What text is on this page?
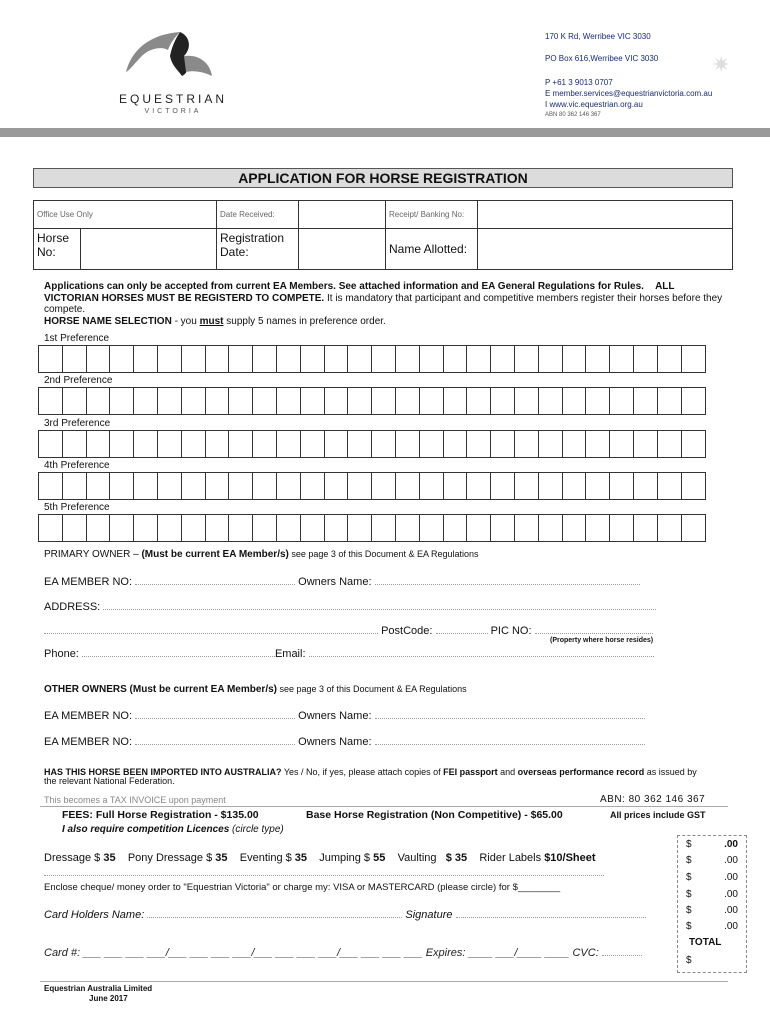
EQUESTRIAN
VICTORIA
170 K Rd, Werribee VIC 3030
PO Box 616,Werribee VIC 3030
P +61 3 9013 0707
E member.services@equestrianvictoria.com.au
I www.vic.equestrian.org.au
ABN 80 362 146 367
✷
APPLICATION FOR HORSE REGISTRATION
Office Use Only	Date Received:		Receipt/ Banking No:	

Horse No:	Registration Date:		Name Allotted:	
Applications can only be accepted from current EA Members. See attached information and EA General Regulations for Rules. ALL VICTORIAN HORSES MUST BE REGISTERD TO COMPETE. It is mandatory that participant and competitive members register their horses before they compete.
HORSE NAME SELECTION - you must supply 5 names in preference order.
1st Preference
2nd Preference
3rd Preference
4th Preference
5th Preference
PRIMARY OWNER – (Must be current EA Member/s) see page 3 of this Document & EA Regulations
EA MEMBER NO:	Owners Name:
ADDRESS:
PostCode:	PIC NO:
(Property where horse resides)
Phone:	Email:
OTHER OWNERS (Must be current EA Member/s) see page 3 of this Document & EA Regulations
EA MEMBER NO:	Owners Name:
EA MEMBER NO:	Owners Name:
HAS THIS HORSE BEEN IMPORTED INTO AUSTRALIA? Yes / No, if yes, please attach copies of FEI passport and overseas performance record as issued by the relevant National Federation.
This becomes a TAX INVOICE upon payment	ABN: 80 362 146 367
FEES: Full Horse Registration - $135.00	Base Horse Registration (Non Competitive) - $65.00	All prices include GST
I also require competition Licences (circle type)
Dressage $ 35 Pony Dressage $ 35 Eventing $ 35 Jumping $ 55 Vaulting $ 35 Rider Labels $10/Sheet
Enclose cheque/ money order to "Equestrian Victoria" or charge my: VISA or MASTERCARD (please circle) for $________
Card Holders Name:	Signature
Card #: ___ ___ ___ ___/___ ___ ___ ___/___ ___ ___ ___/___ ___ ___ ___ Expires: ____ ___/____ ____ CVC:
$	.00
$	.00
$	.00
$	.00
$	.00
$	.00
TOTAL
$
Equestrian Australia Limited
June 2017
